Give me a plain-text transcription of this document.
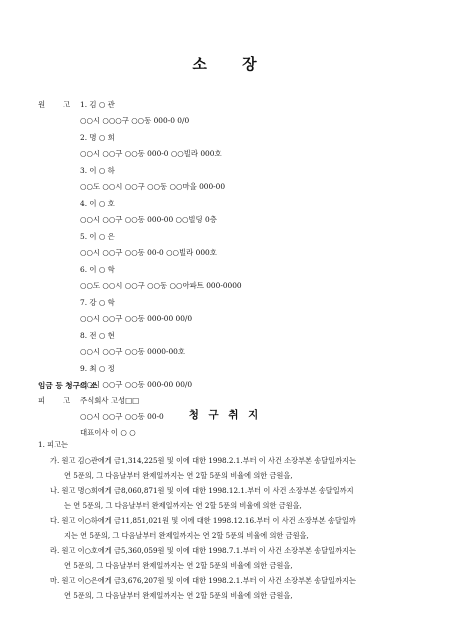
소 장
원 고 1. 김 ○ 관
○○시 ○○○구 ○○동 000-0 0/0
2. 명 ○ 희
○○시 ○○구 ○○동 000-0 ○○빌라 000호
3. 이 ○ 하
○○도 ○○시 ○○구 ○○동 ○○마을 000-00
4. 이 ○ 호
○○시 ○○구 ○○동 000-00 ○○빌딩 0층
5. 이 ○ 은
○○시 ○○구 ○○동 00-0 ○○빌라 000호
6. 이 ○ 학
○○도 ○○시 ○○구 ○○동 ○○아파트 000-0000
7. 강 ○ 학
○○시 ○○구 ○○동 000-00 00/0
8. 전 ○ 현
○○시 ○○구 ○○동 0000-00호
9. 최 ○ 정
○○시 ○○구 ○○동 000-00 00/0
피 고 주식회사 고성□□
○○시 ○○구 ○○동 00-0
대표이사 이 ○ ○
임금 등 청구의 소
청 구 취 지
1. 피고는
가. 원고 김○관에게 금1,314,225원 및 이에 대한 1998.2.1.부터 이 사건 소장부본 송달일까지는
연 5푼의, 그 다음날부터 완제일까지는 연 2할 5푼의 비율에 의한 금원을,
나. 원고 명○희에게 금8,060,871원 및 이에 대한 1998.12.1.부터 이 사건 소장부본 송달일까지
는 연 5푼의, 그 다음날부터 완제일까지는 연 2할 5푼의 비율에 의한 금원을,
다. 원고 이○하에게 금11,851,021원 및 이에 대한 1998.12.16.부터 이 사건 소장부본 송달일까
지는 연 5푼의, 그 다음날부터 완제일까지는 연 2할 5푼의 비율에 의한 금원을,
라. 원고 이○호에게 금5,360,059원 및 이에 대한 1998.7.1.부터 이 사건 소장부본 송달일까지는
연 5푼의, 그 다음날부터 완제일까지는 연 2할 5푼의 비율에 의한 금원을,
마. 원고 이○은에게 금3,676,207원 및 이에 대한 1998.2.1.부터 이 사건 소장부본 송달일까지는
연 5푼의, 그 다음날부터 완제일까지는 연 2할 5푼의 비율에 의한 금원을,
